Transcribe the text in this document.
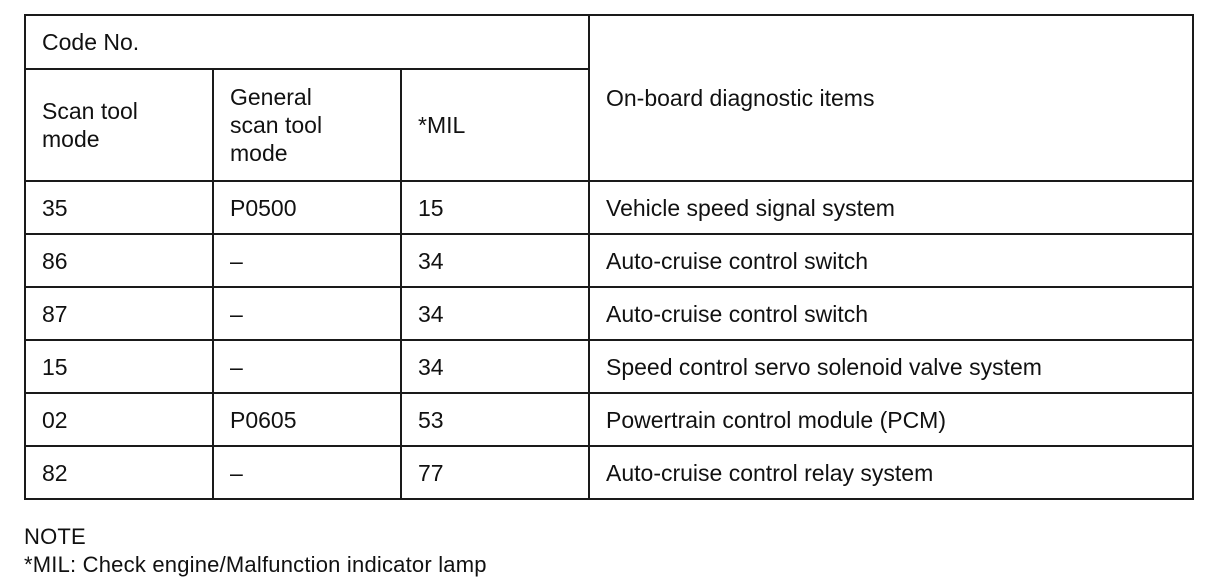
Code No.			On-board diagnostic items
Scan tool mode	General scan tool mode	*MIL	
35	P0500	15	Vehicle speed signal system
86	–	34	Auto-cruise control switch
87	–	34	Auto-cruise control switch
15	–	34	Speed control servo solenoid valve system
02	P0605	53	Powertrain control module (PCM)
82	–	77	Auto-cruise control relay system
NOTE
*MIL: Check engine/Malfunction indicator lamp
